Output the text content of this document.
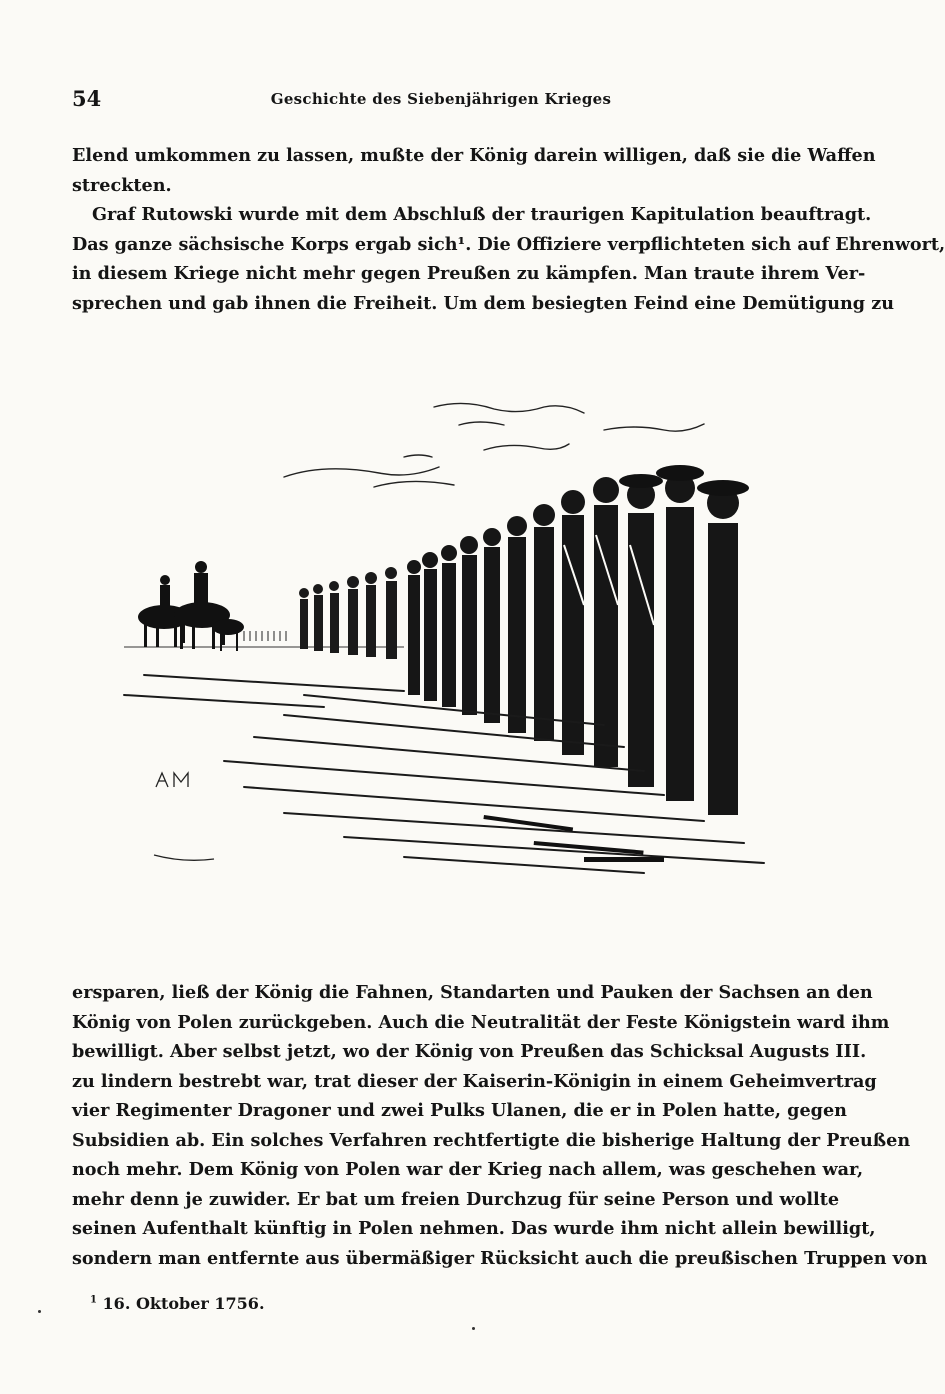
54	Geschichte des Siebenjährigen Krieges

Elend umkommen zu lassen, mußte der König darein willigen, daß sie die Waffen
streckten.

Graf Rutowski wurde mit dem Abschluß der traurigen Kapitulation beauftragt.
Das ganze sächsische Korps ergab sich¹. Die Offiziere verpflichteten sich auf Ehrenwort,
in diesem Kriege nicht mehr gegen Preußen zu kämpfen. Man traute ihrem Ver-
sprechen und gab ihnen die Freiheit. Um dem besiegten Feind eine Demütigung zu

ersparen, ließ der König die Fahnen, Standarten und Pauken der Sachsen an den
König von Polen zurückgeben. Auch die Neutralität der Feste Königstein ward ihm
bewilligt. Aber selbst jetzt, wo der König von Preußen das Schicksal Augusts III.
zu lindern bestrebt war, trat dieser der Kaiserin-Königin in einem Geheimvertrag
vier Regimenter Dragoner und zwei Pulks Ulanen, die er in Polen hatte, gegen
Subsidien ab. Ein solches Verfahren rechtfertigte die bisherige Haltung der Preußen
noch mehr. Dem König von Polen war der Krieg nach allem, was geschehen war,
mehr denn je zuwider. Er bat um freien Durchzug für seine Person und wollte
seinen Aufenthalt künftig in Polen nehmen. Das wurde ihm nicht allein bewilligt,
sondern man entfernte aus übermäßiger Rücksicht auch die preußischen Truppen von

$^1$ 16. Oktober 1756.
